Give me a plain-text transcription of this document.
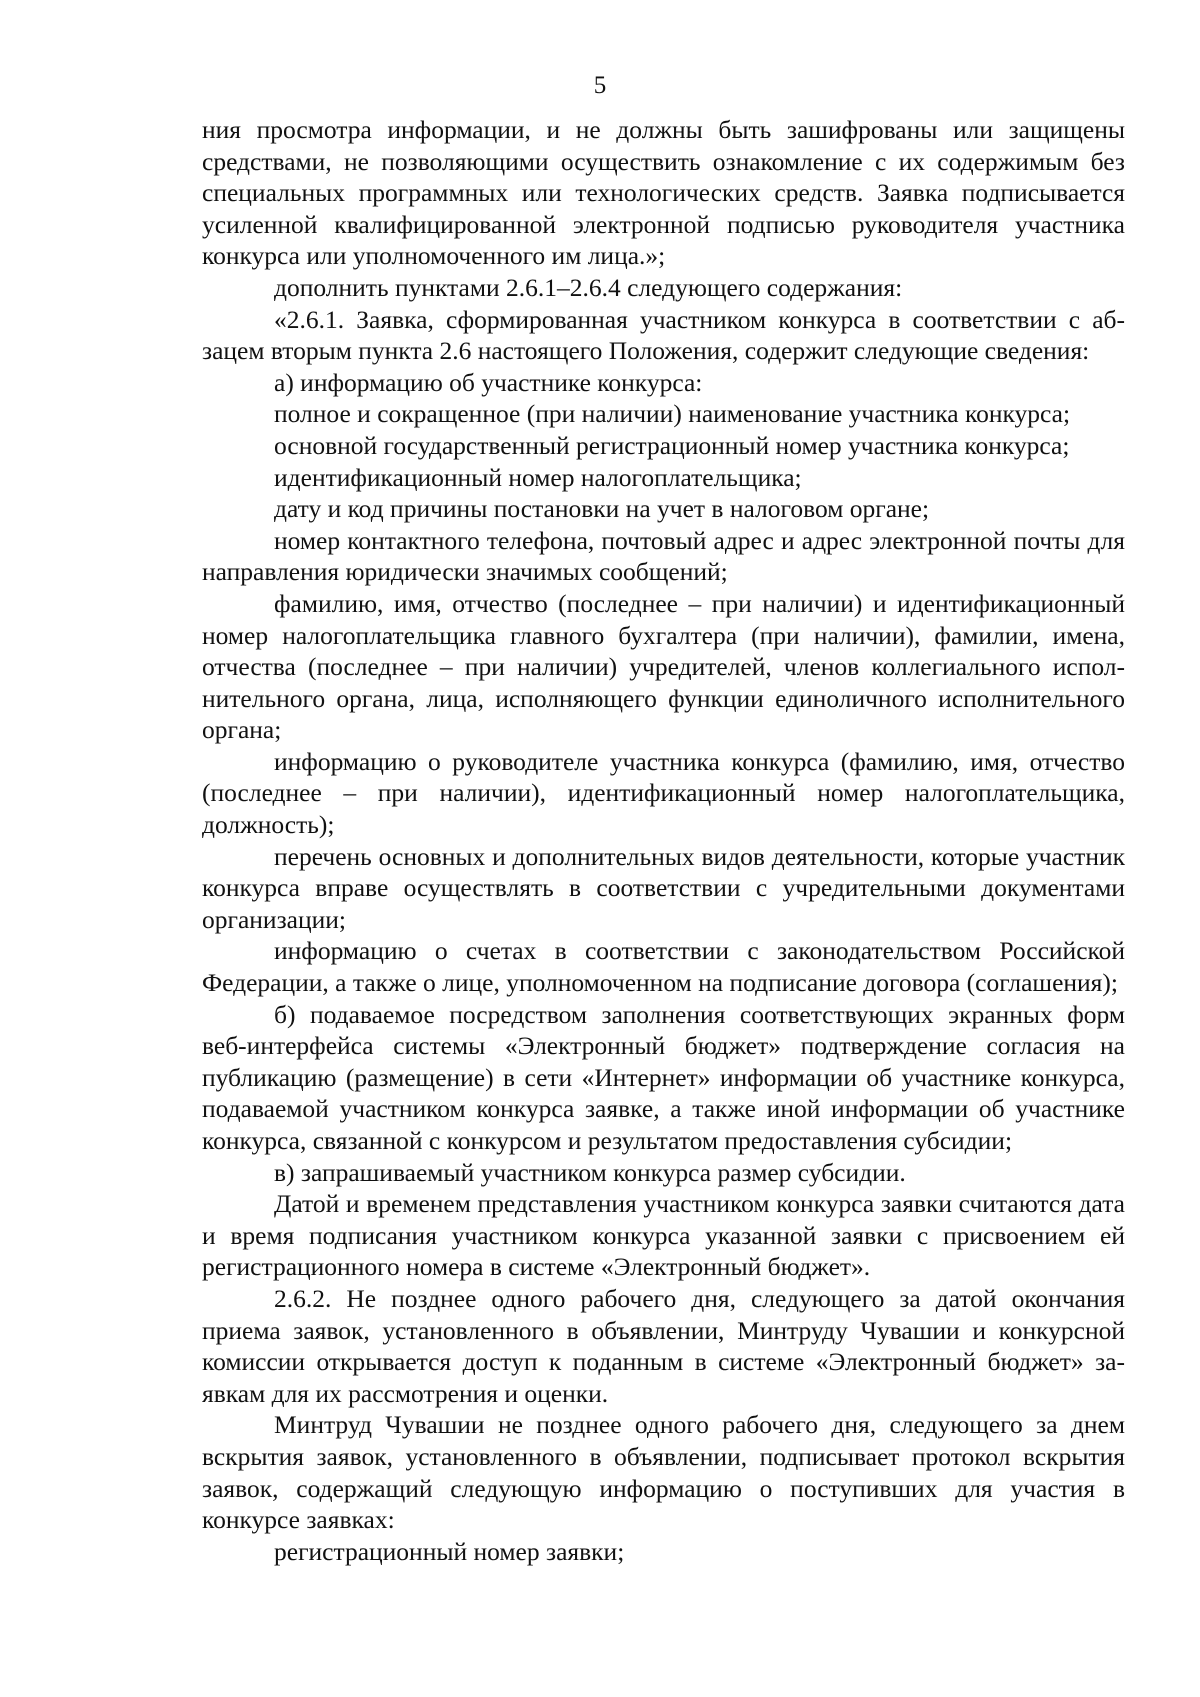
5

ния просмотра информации, и не должны быть зашифрованы или защищены средствами, не позволяющими осуществить ознакомление с их содержимым без специальных программных или технологических средств. Заявка подписывается усиленной квалифицированной электронной подписью руководителя участника конкурса или уполномоченного им лица.»;

дополнить пунктами 2.6.1–2.6.4 следующего содержания:

«2.6.1. Заявка, сформированная участником конкурса в соответствии с абзацем вторым пункта 2.6 настоящего Положения, содержит следующие сведения:

а) информацию об участнике конкурса:

полное и сокращенное (при наличии) наименование участника конкурса;

основной государственный регистрационный номер участника конкурса;

идентификационный номер налогоплательщика;

дату и код причины постановки на учет в налоговом органе;

номер контактного телефона, почтовый адрес и адрес электронной почты для направления юридически значимых сообщений;

фамилию, имя, отчество (последнее – при наличии) и идентификационный номер налогоплательщика главного бухгалтера (при наличии), фамилии, имена, отчества (последнее – при наличии) учредителей, членов коллегиального исполнительного органа, лица, исполняющего функции единоличного исполнительного органа;

информацию о руководителе участника конкурса (фамилию, имя, отчество (последнее – при наличии), идентификационный номер налогоплательщика, должность);

перечень основных и дополнительных видов деятельности, которые участник конкурса вправе осуществлять в соответствии с учредительными документами организации;

информацию о счетах в соответствии с законодательством Российской Федерации, а также о лице, уполномоченном на подписание договора (соглашения);

б) подаваемое посредством заполнения соответствующих экранных форм веб-интерфейса системы «Электронный бюджет» подтверждение согласия на публикацию (размещение) в сети «Интернет» информации об участнике конкурса, подаваемой участником конкурса заявке, а также иной информации об участнике конкурса, связанной с конкурсом и результатом предоставления субсидии;

в) запрашиваемый участником конкурса размер субсидии.

Датой и временем представления участником конкурса заявки считаются дата и время подписания участником конкурса указанной заявки с присвоением ей регистрационного номера в системе «Электронный бюджет».

2.6.2. Не позднее одного рабочего дня, следующего за датой окончания приема заявок, установленного в объявлении, Минтруду Чувашии и конкурсной комиссии открывается доступ к поданным в системе «Электронный бюджет» заявкам для их рассмотрения и оценки.

Минтруд Чувашии не позднее одного рабочего дня, следующего за днем вскрытия заявок, установленного в объявлении, подписывает протокол вскрытия заявок, содержащий следующую информацию о поступивших для участия в конкурсе заявках:

регистрационный номер заявки;
